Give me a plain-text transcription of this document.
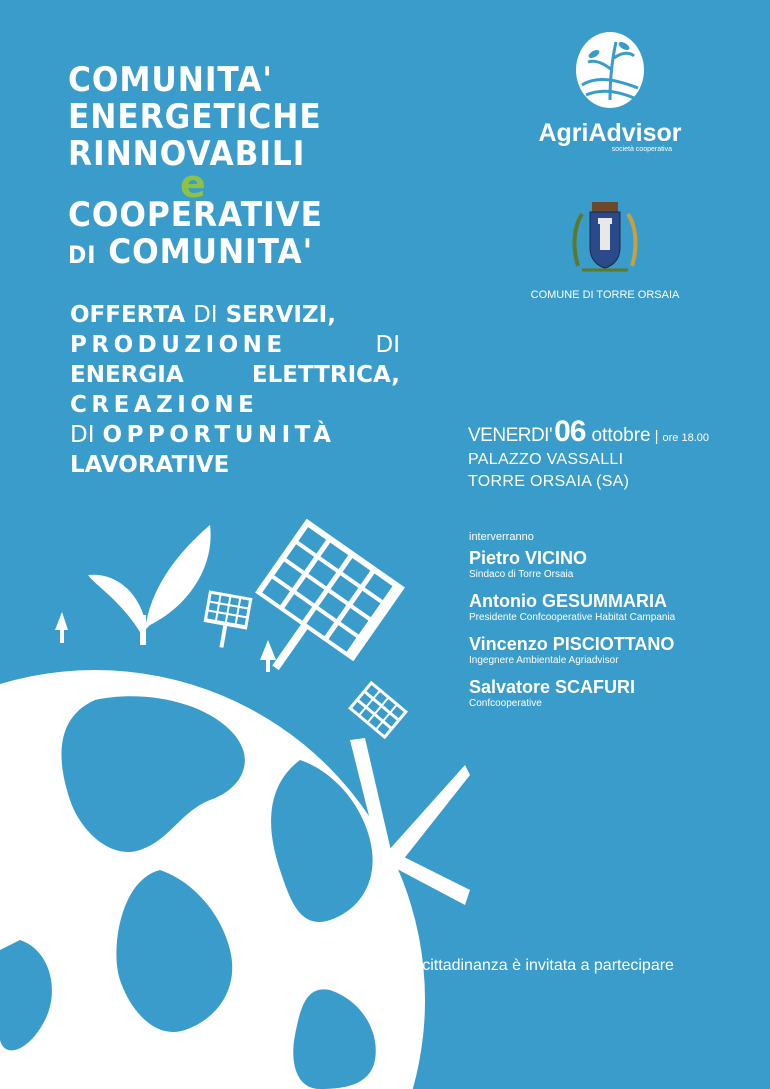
COMUNITA'
ENERGETICHE
RINNOVABILI
e
COOPERATIVE
DI COMUNITA'
OFFERTA DI SERVIZI,
PRODUZIONE	DI
ENERGIA	ELETTRICA,
CREAZIONE
DI OPPORTUNITÀ
LAVORATIVE
AgriAdvisor
società cooperativa
COMUNE DI TORRE ORSAIA
VENERDI' 06 ottobre | ore 18.00
PALAZZO VASSALLI
TORRE ORSAIA (SA)
interverranno
Pietro VICINO
Sindaco di Torre Orsaia
Antonio GESUMMARIA
Presidente Confcooperative Habitat Campania
Vincenzo PISCIOTTANO
Ingegnere Ambientale Agriadvisor
Salvatore SCAFURI
Confcooperative
La cittadinanza è invitata a partecipare
